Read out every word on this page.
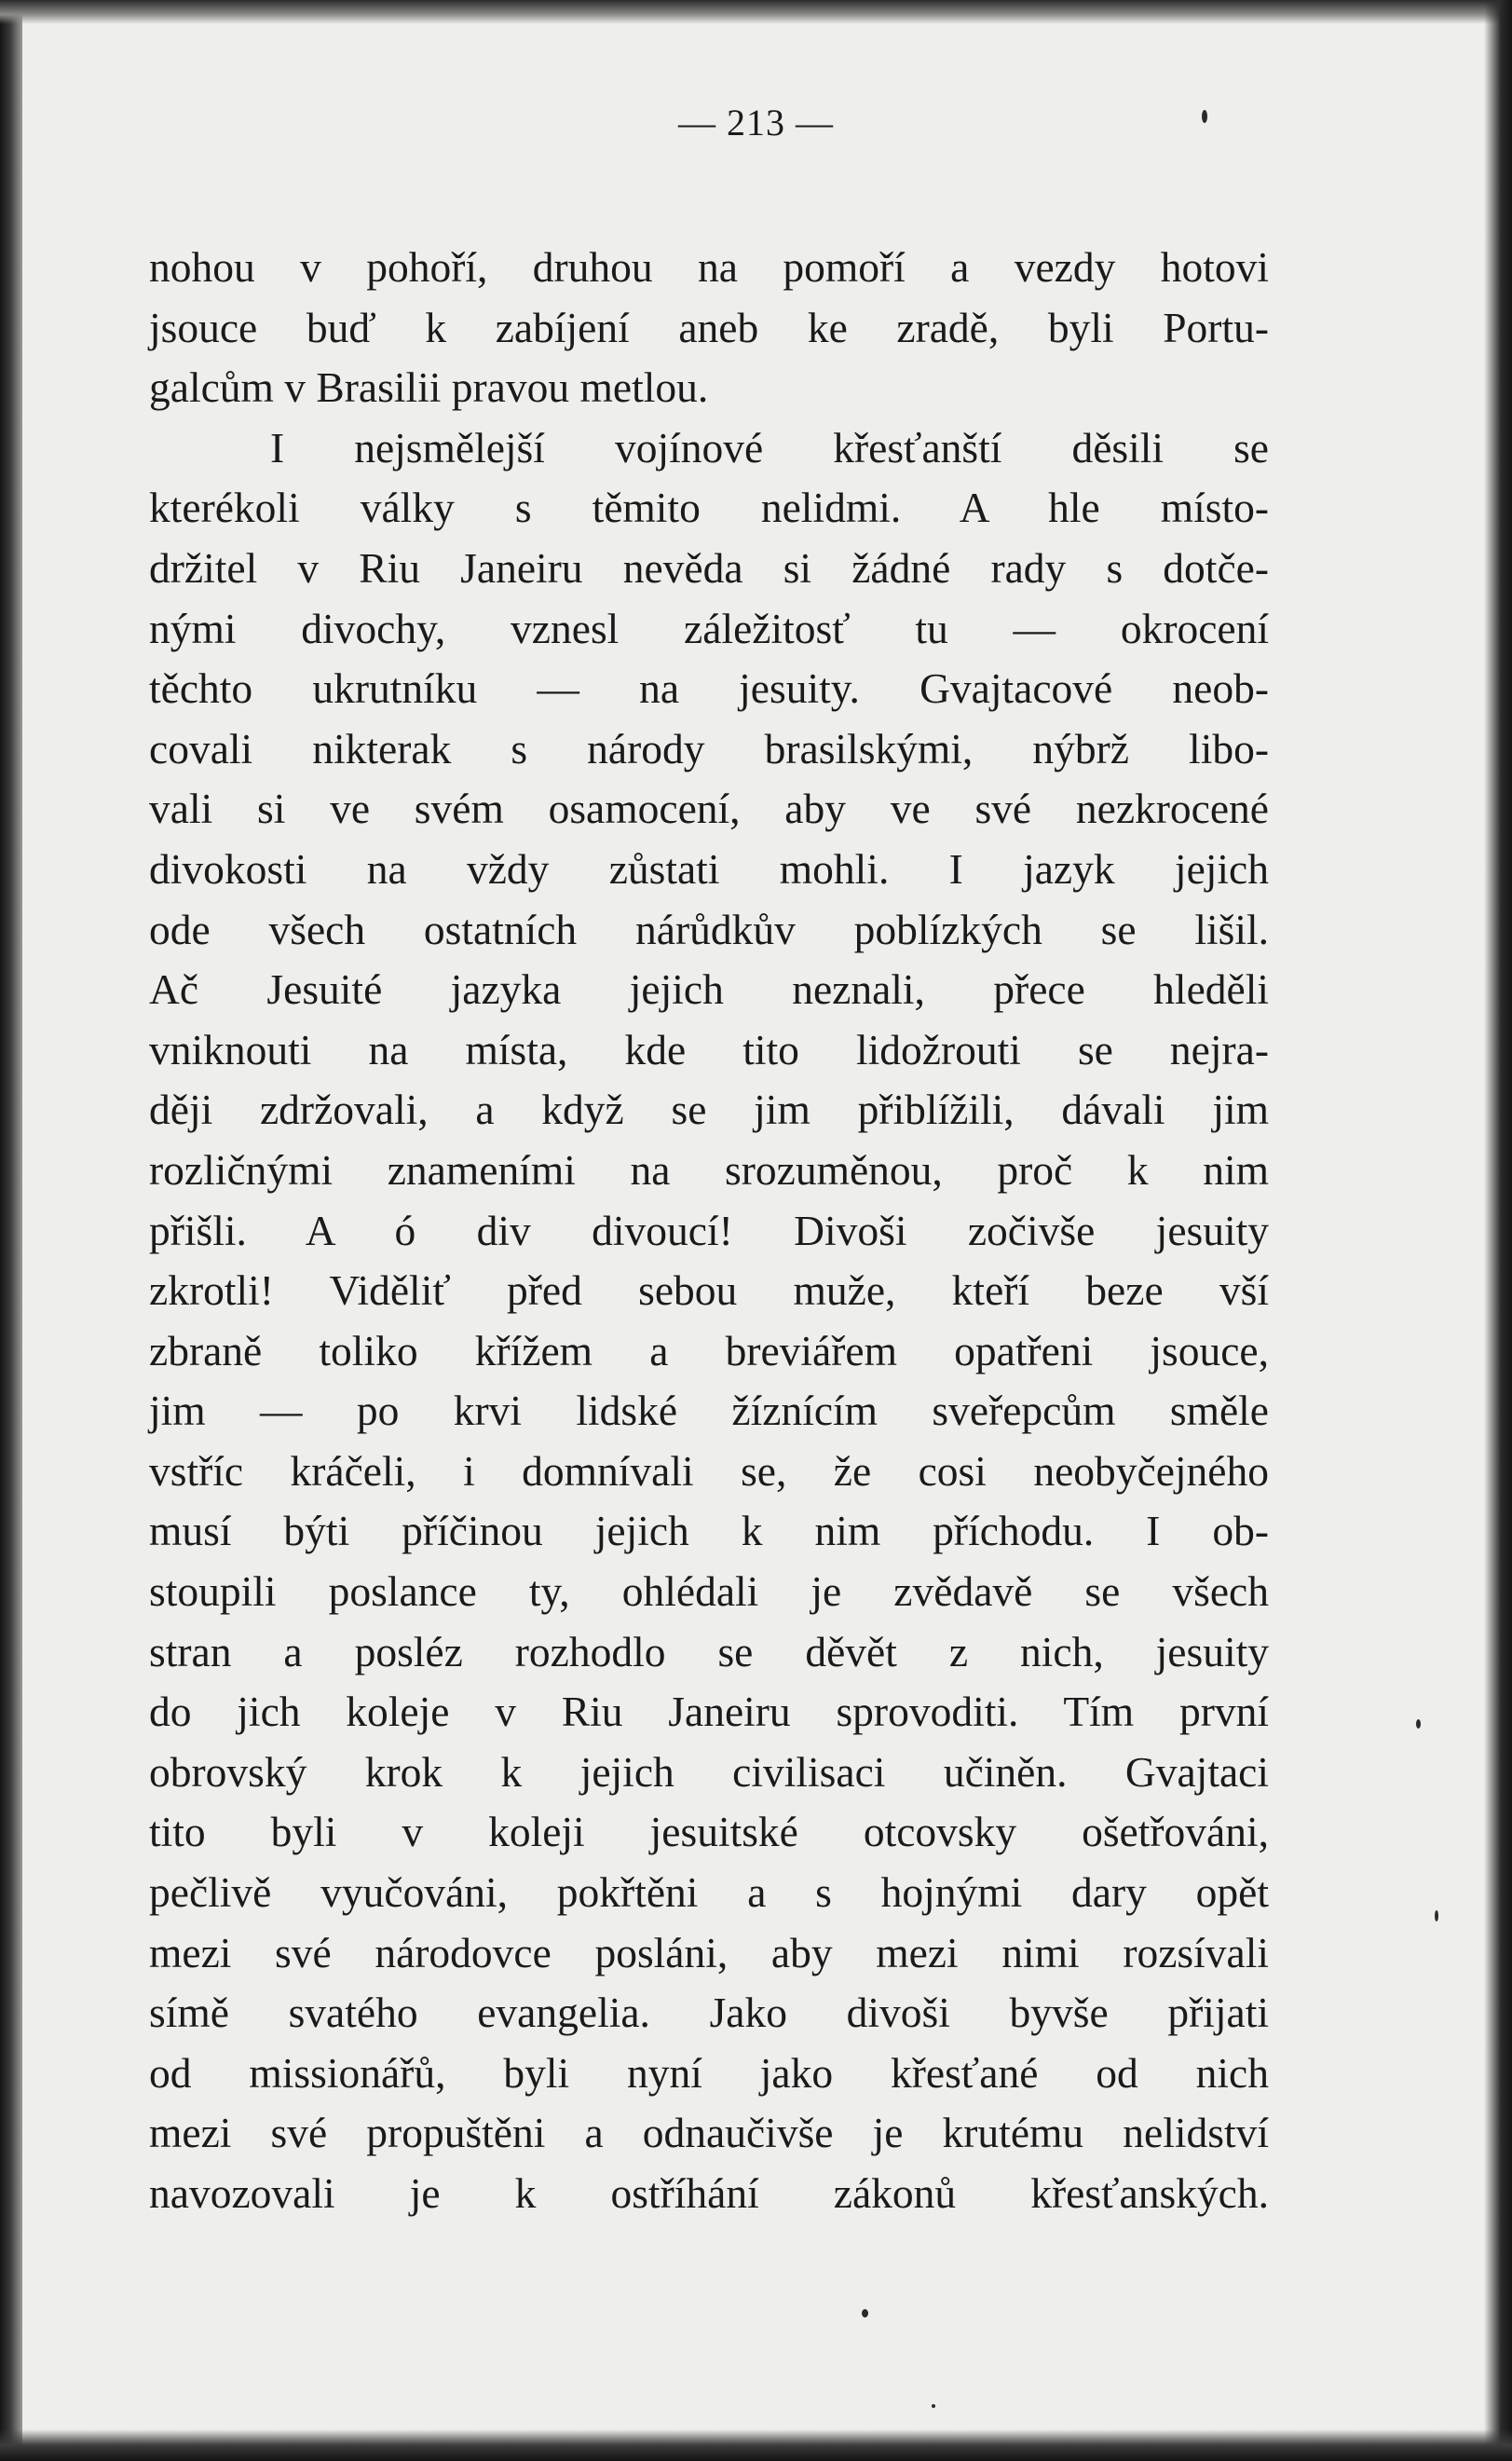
— 213 —
nohou v pohoří, druhou na pomoří a vezdy hotovi
jsouce buď k zabíjení aneb ke zradě, byli Portu-
galcům v Brasilii pravou metlou.
I nejsmělejší vojínové křesťanští děsili se
kterékoli války s těmito nelidmi. A hle místo-
držitel v Riu Janeiru nevěda si žádné rady s dotče-
nými divochy, vznesl záležitosť tu — okrocení
těchto ukrutníku — na jesuity. Gvajtacové neob-
covali nikterak s národy brasilskými, nýbrž libo-
vali si ve svém osamocení, aby ve své nezkrocené
divokosti na vždy zůstati mohli. I jazyk jejich
ode všech ostatních nárůdkův poblízkých se lišil.
Ač Jesuité jazyka jejich neznali, přece hleděli
vniknouti na místa, kde tito lidožrouti se nejra-
ději zdržovali, a když se jim přiblížili, dávali jim
rozličnými znameními na srozuměnou, proč k nim
přišli. A ó div divoucí! Divoši zočivše jesuity
zkrotli! Viděliť před sebou muže, kteří beze vší
zbraně toliko křížem a breviářem opatřeni jsouce,
jim — po krvi lidské žíznícím sveřepcům směle
vstříc kráčeli, i domnívali se, že cosi neobyčejného
musí býti příčinou jejich k nim příchodu. I ob-
stoupili poslance ty, ohlédali je zvědavě se všech
stran a posléz rozhodlo se děvět z nich, jesuity
do jich koleje v Riu Janeiru sprovoditi. Tím první
obrovský krok k jejich civilisaci učiněn. Gvajtaci
tito byli v koleji jesuitské otcovsky ošetřováni,
pečlivě vyučováni, pokřtěni a s hojnými dary opět
mezi své národovce posláni, aby mezi nimi rozsívali
símě svatého evangelia. Jako divoši byvše přijati
od missionářů, byli nyní jako křesťané od nich
mezi své propuštěni a odnaučivše je krutému nelidství
navozovali je k ostříhání zákonů křesťanských.
